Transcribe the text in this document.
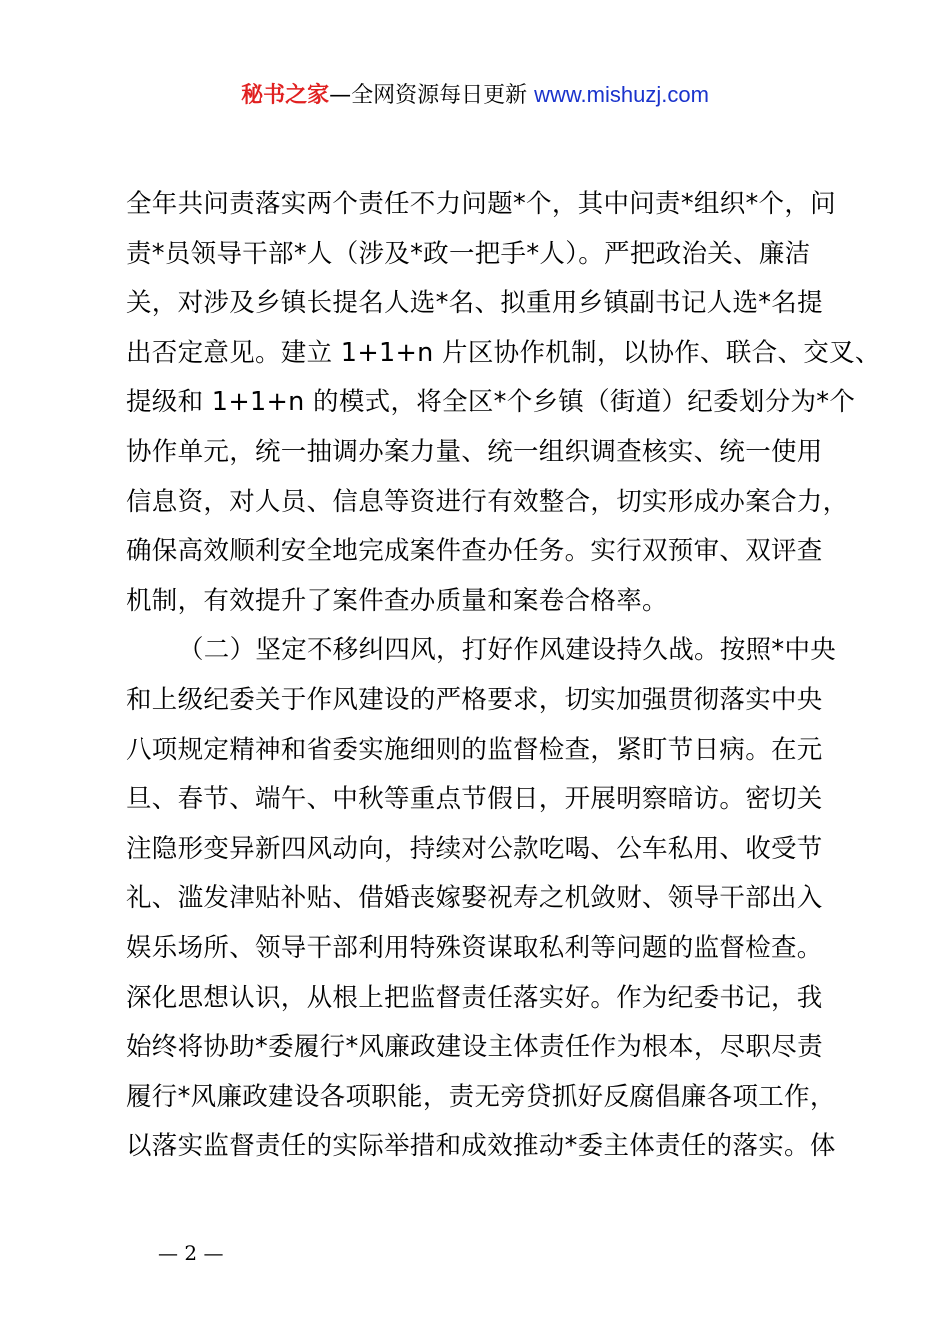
秘书之家—全网资源每日更新 www.mishuzj.com
全年共问责落实两个责任不力问题*个，其中问责*组织*个，问
责*员领导干部*人（涉及*政一把手*人）。严把政治关、廉洁
关，对涉及乡镇长提名人选*名、拟重用乡镇副书记人选*名提
出否定意见。建立 1+1+n 片区协作机制，以协作、联合、交叉、
提级和 1+1+n 的模式，将全区*个乡镇（街道）纪委划分为*个
协作单元，统一抽调办案力量、统一组织调查核实、统一使用
信息资，对人员、信息等资进行有效整合，切实形成办案合力，
确保高效顺利安全地完成案件查办任务。实行双预审、双评查
机制，有效提升了案件查办质量和案卷合格率。
（二）坚定不移纠四风，打好作风建设持久战。按照*中央
和上级纪委关于作风建设的严格要求，切实加强贯彻落实中央
八项规定精神和省委实施细则的监督检查，紧盯节日病。在元
旦、春节、端午、中秋等重点节假日，开展明察暗访。密切关
注隐形变异新四风动向，持续对公款吃喝、公车私用、收受节
礼、滥发津贴补贴、借婚丧嫁娶祝寿之机敛财、领导干部出入
娱乐场所、领导干部利用特殊资谋取私利等问题的监督检查。
深化思想认识，从根上把监督责任落实好。作为纪委书记，我
始终将协助*委履行*风廉政建设主体责任作为根本，尽职尽责
履行*风廉政建设各项职能，责无旁贷抓好反腐倡廉各项工作，
以落实监督责任的实际举措和成效推动*委主体责任的落实。体
— 2 —
